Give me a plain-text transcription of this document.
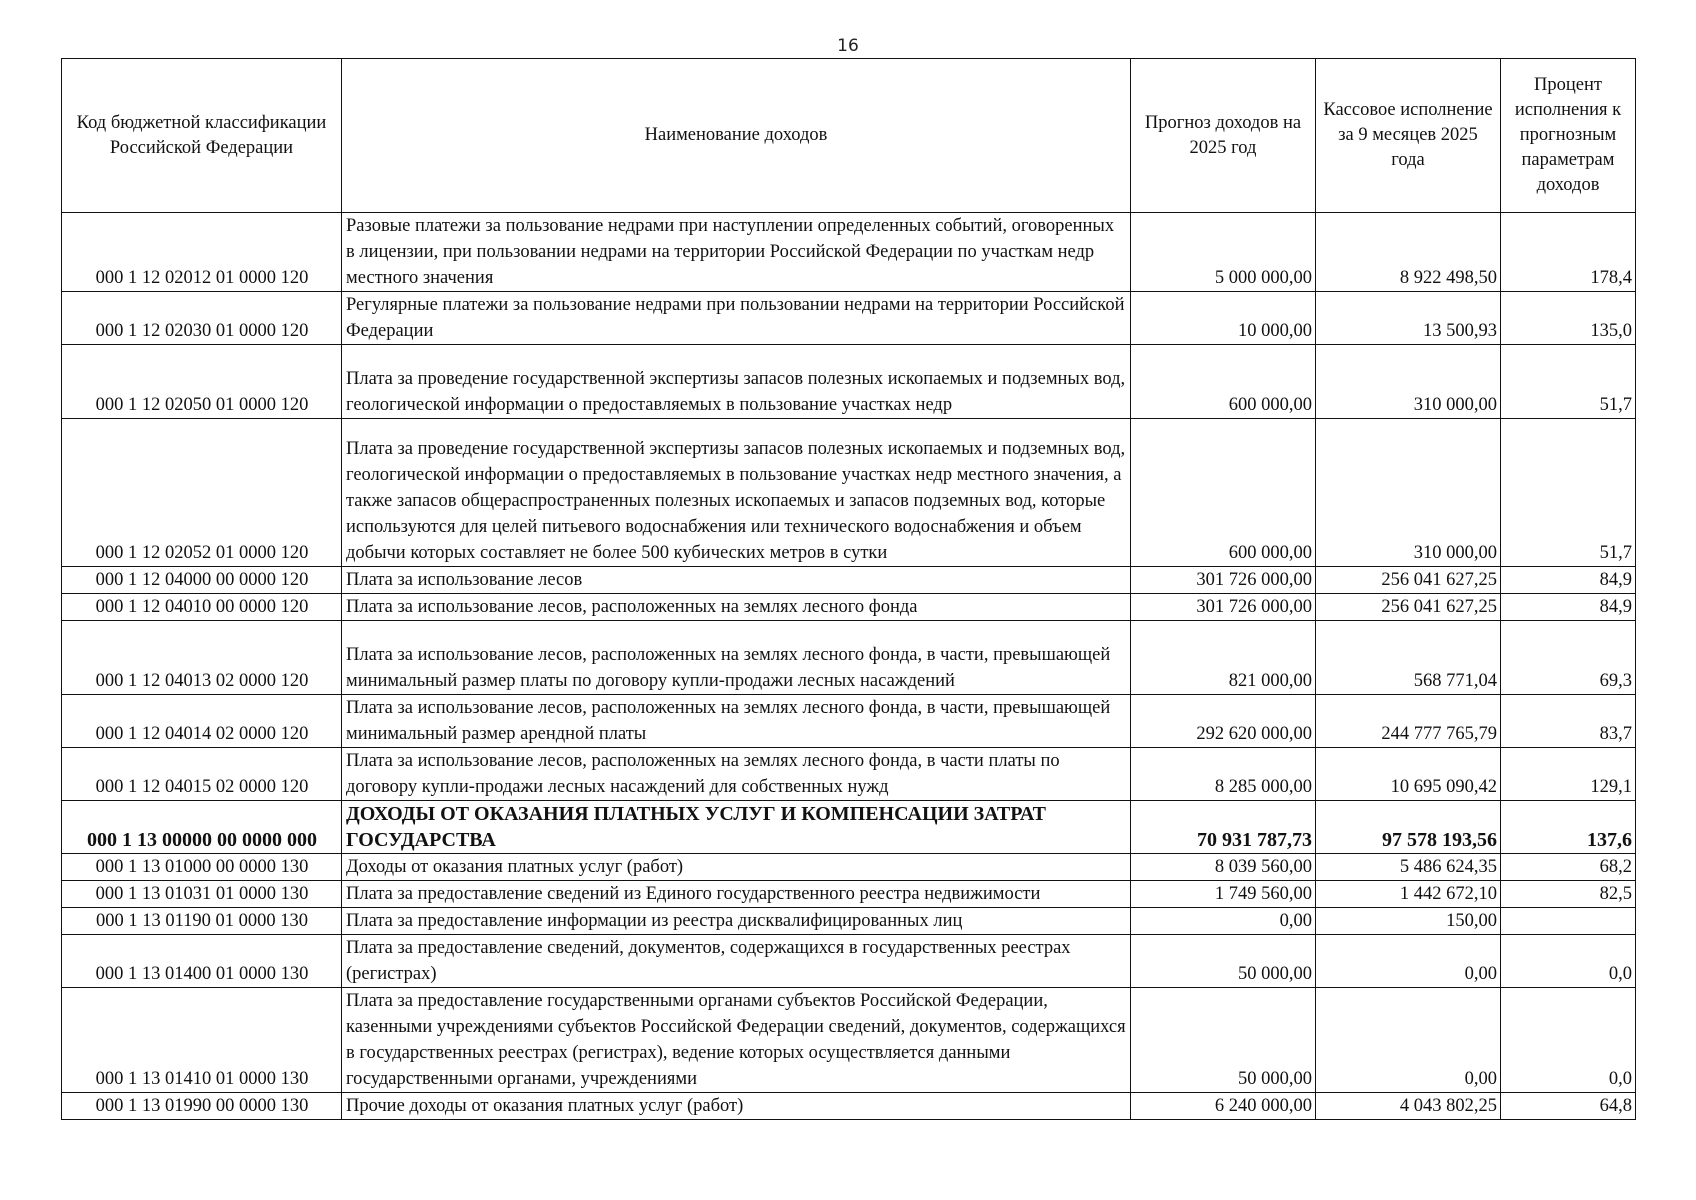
16
Код бюджетной классификации Российской Федерации	Наименование доходов	Прогноз доходов на 2025 год	Кассовое исполнение за 9 месяцев 2025 года	Процент исполнения к прогнозным параметрам доходов
000 1 12 02012 01 0000 120	Разовые платежи за пользование недрами при наступлении определенных событий, оговоренных в лицензии, при пользовании недрами на территории Российской Федерации по участкам недр местного значения	5 000 000,00	8 922 498,50	178,4
000 1 12 02030 01 0000 120	Регулярные платежи за пользование недрами при пользовании недрами на территории Российской Федерации	10 000,00	13 500,93	135,0
000 1 12 02050 01 0000 120	Плата за проведение государственной экспертизы запасов полезных ископаемых и подземных вод, геологической информации о предоставляемых в пользование участках недр	600 000,00	310 000,00	51,7
000 1 12 02052 01 0000 120	Плата за проведение государственной экспертизы запасов полезных ископаемых и подземных вод, геологической информации о предоставляемых в пользование участках недр местного значения, а также запасов общераспространенных полезных ископаемых и запасов подземных вод, которые используются для целей питьевого водоснабжения или технического водоснабжения и объем добычи которых составляет не более 500 кубических метров в сутки	600 000,00	310 000,00	51,7
000 1 12 04000 00 0000 120	Плата за использование лесов	301 726 000,00	256 041 627,25	84,9
000 1 12 04010 00 0000 120	Плата за использование лесов, расположенных на землях лесного фонда	301 726 000,00	256 041 627,25	84,9
000 1 12 04013 02 0000 120	Плата за использование лесов, расположенных на землях лесного фонда, в части, превышающей минимальный размер платы по договору купли-продажи лесных насаждений	821 000,00	568 771,04	69,3
000 1 12 04014 02 0000 120	Плата за использование лесов, расположенных на землях лесного фонда, в части, превышающей минимальный размер арендной платы	292 620 000,00	244 777 765,79	83,7
000 1 12 04015 02 0000 120	Плата за использование лесов, расположенных на землях лесного фонда, в части платы по договору купли-продажи лесных насаждений для собственных нужд	8 285 000,00	10 695 090,42	129,1
000 1 13 00000 00 0000 000	ДОХОДЫ ОТ ОКАЗАНИЯ ПЛАТНЫХ УСЛУГ И КОМПЕНСАЦИИ ЗАТРАТ ГОСУДАРСТВА	70 931 787,73	97 578 193,56	137,6
000 1 13 01000 00 0000 130	Доходы от оказания платных услуг (работ)	8 039 560,00	5 486 624,35	68,2
000 1 13 01031 01 0000 130	Плата за предоставление сведений из Единого государственного реестра недвижимости	1 749 560,00	1 442 672,10	82,5
000 1 13 01190 01 0000 130	Плата за предоставление информации из реестра дисквалифицированных лиц	0,00	150,00	
000 1 13 01400 01 0000 130	Плата за предоставление сведений, документов, содержащихся в государственных реестрах (регистрах)	50 000,00	0,00	0,0
000 1 13 01410 01 0000 130	Плата за предоставление государственными органами субъектов Российской Федерации, казенными учреждениями субъектов Российской Федерации сведений, документов, содержащихся в государственных реестрах (регистрах), ведение которых осуществляется данными государственными органами, учреждениями	50 000,00	0,00	0,0
000 1 13 01990 00 0000 130	Прочие доходы от оказания платных услуг (работ)	6 240 000,00	4 043 802,25	64,8
